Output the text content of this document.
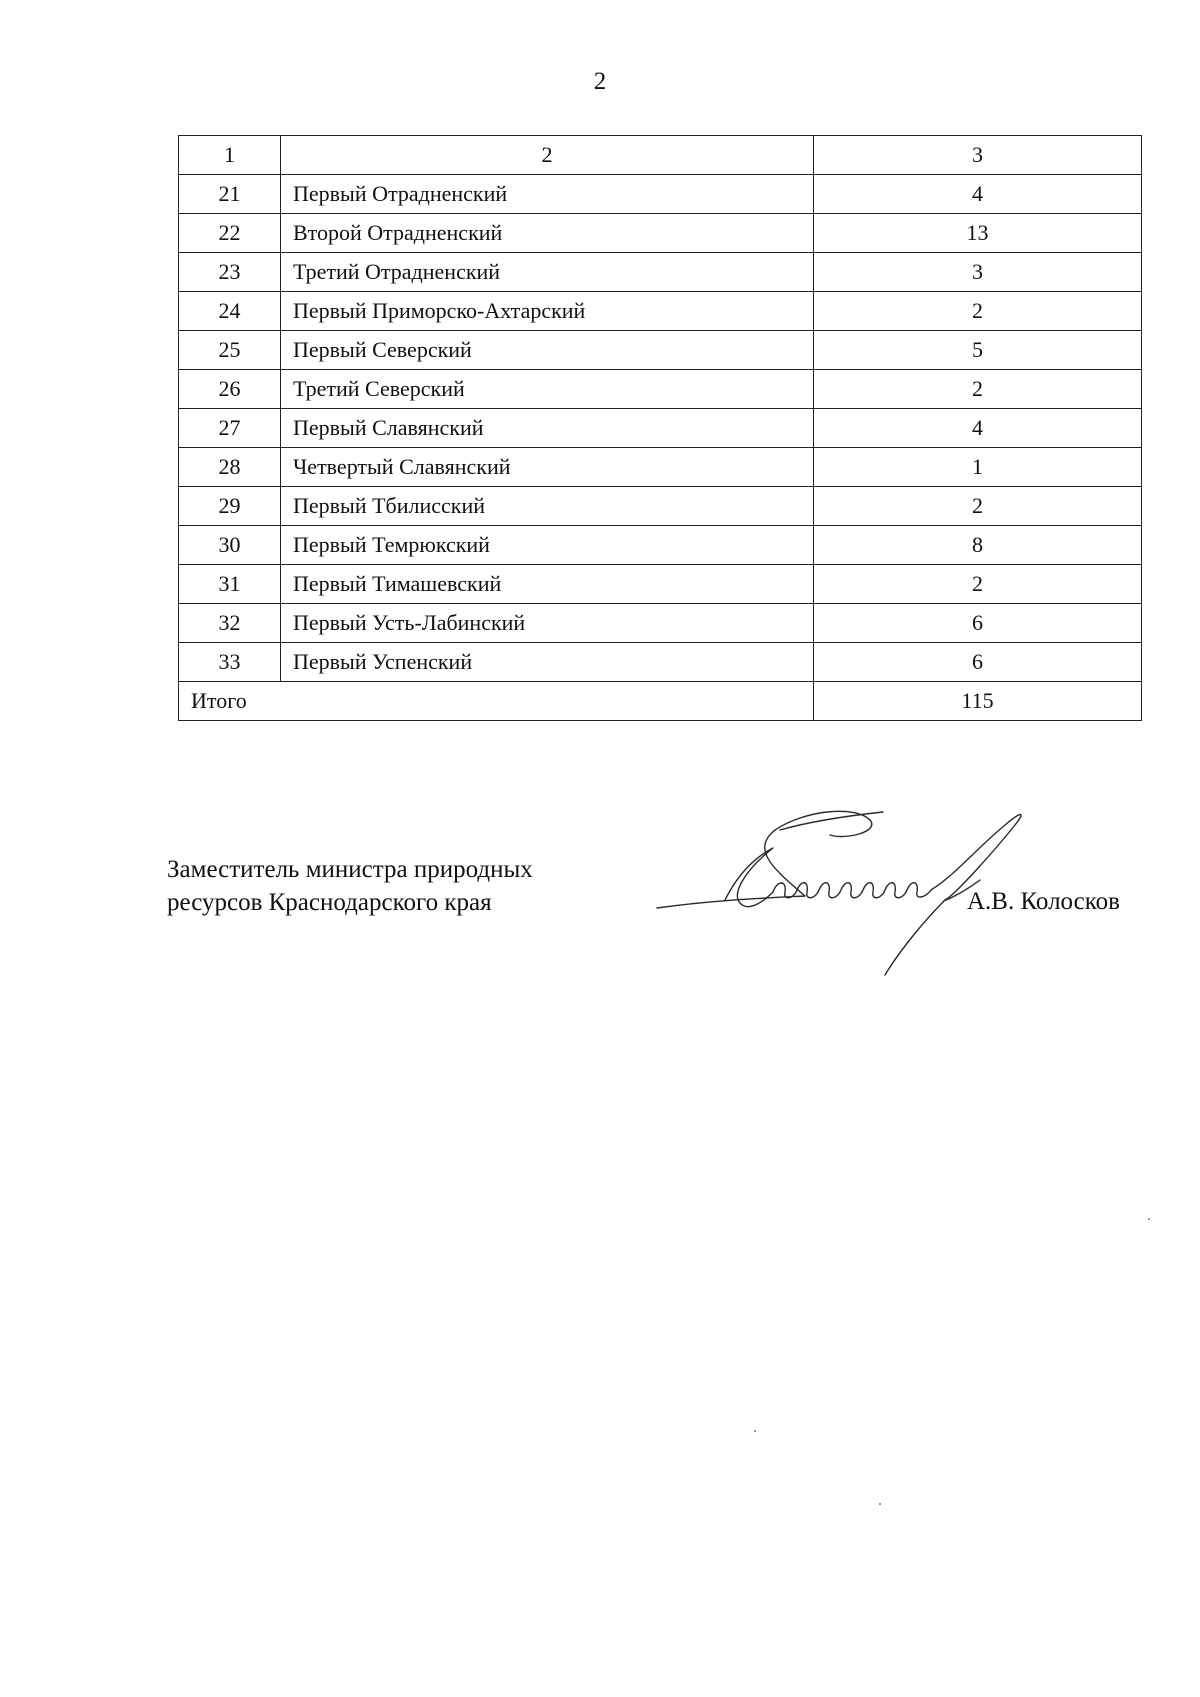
2
1	2	3
21	Первый Отрадненский	4
22	Второй Отрадненский	13
23	Третий Отрадненский	3
24	Первый Приморско-Ахтарский	2
25	Первый Северский	5
26	Третий Северский	2
27	Первый Славянский	4
28	Четвертый Славянский	1
29	Первый Тбилисский	2
30	Первый Темрюкский	8
31	Первый Тимашевский	2
32	Первый Усть-Лабинский	6
33	Первый Успенский	6
Итого		115
Заместитель министра природных
ресурсов Краснодарского края	А.В. Колосков
